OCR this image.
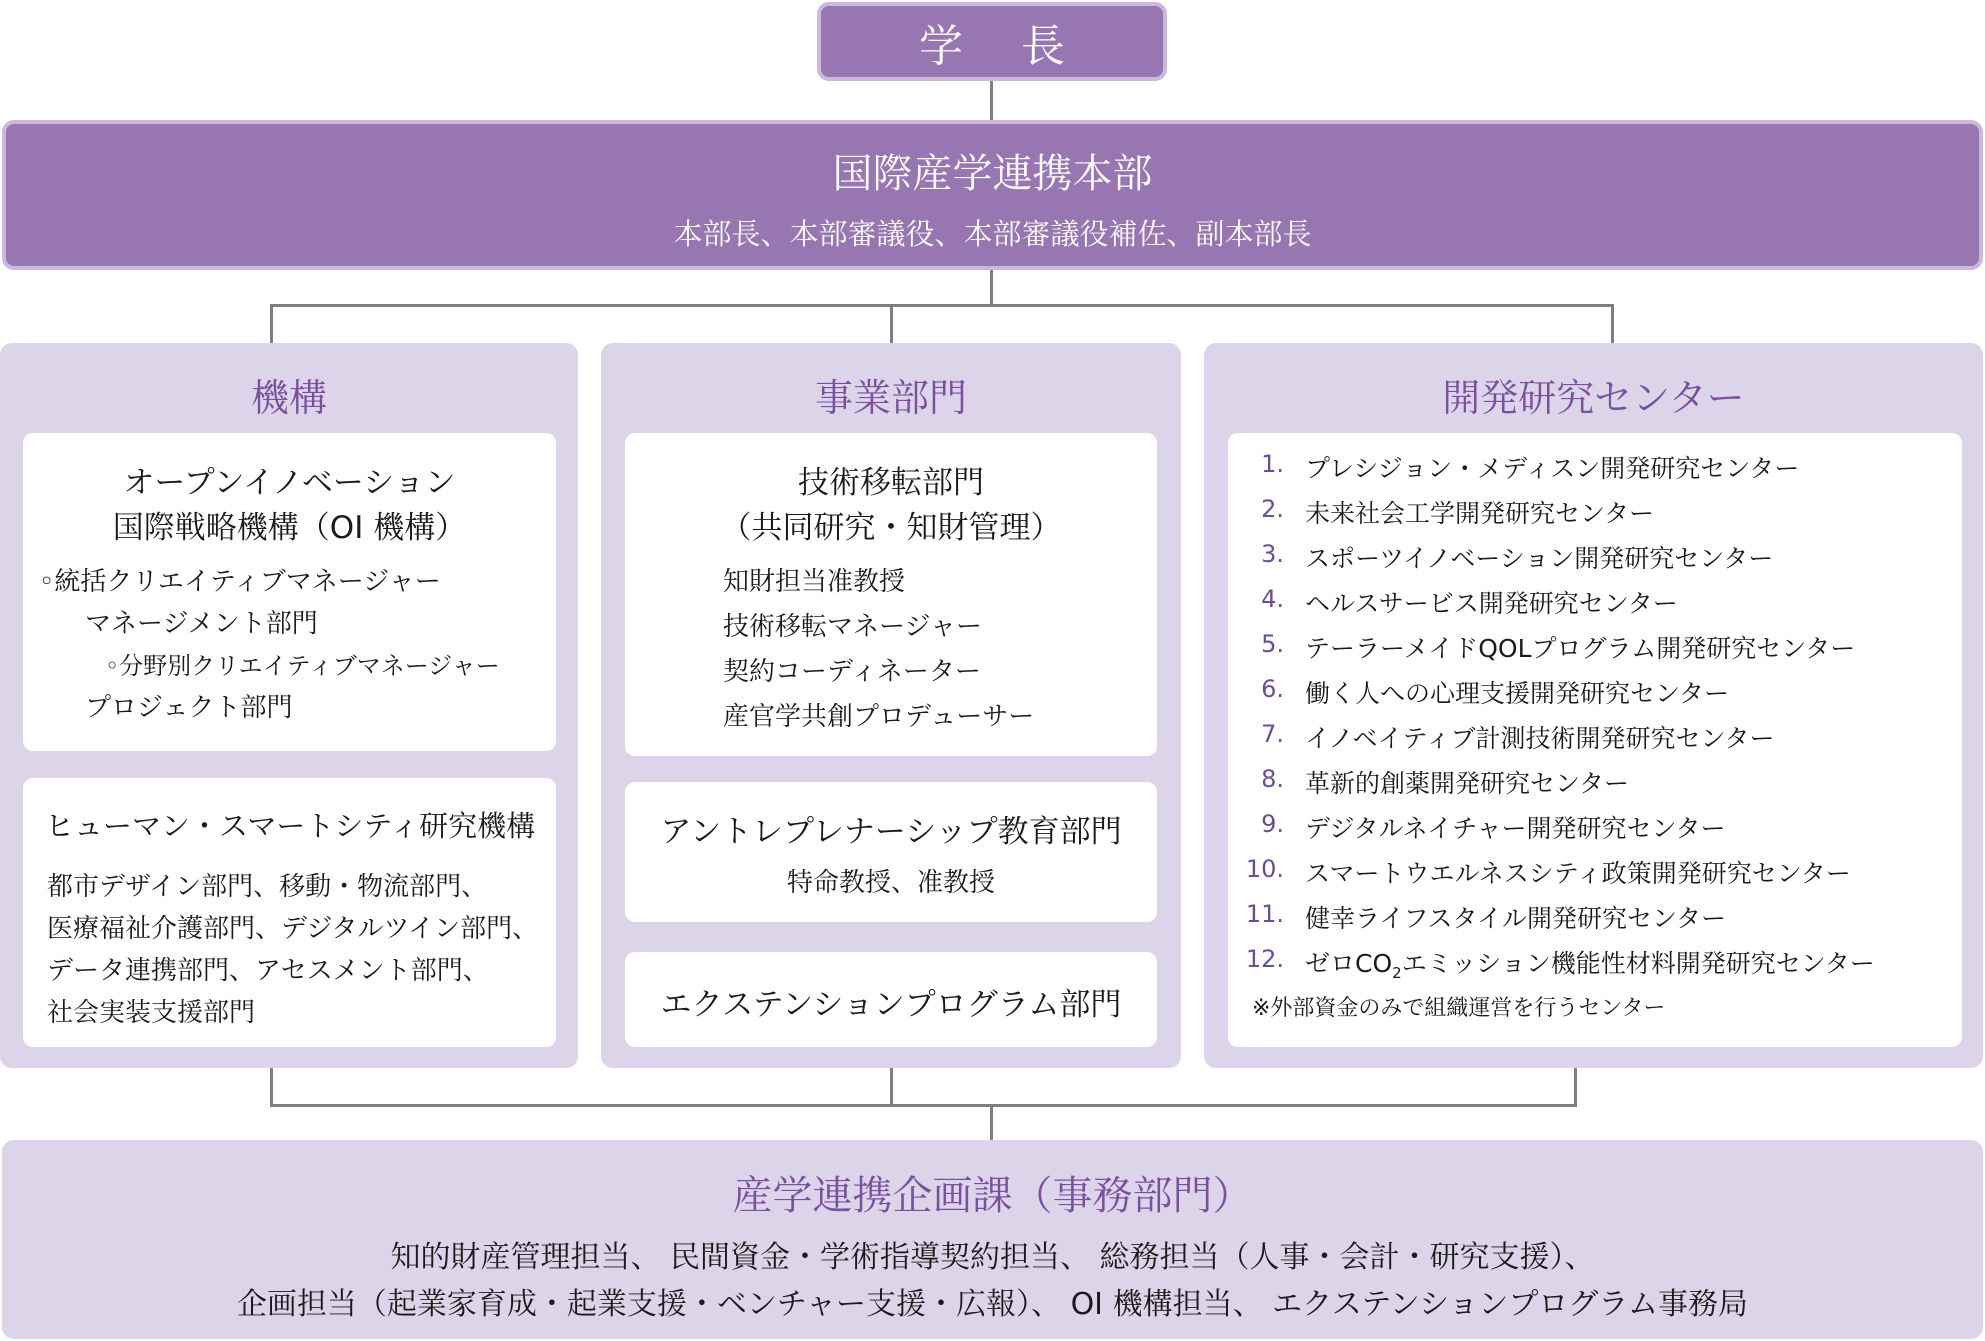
学 長
国際産学連携本部
本部長、本部審議役、本部審議役補佐、副本部長
機構
オープンイノベーション
国際戦略機構（OI 機構）
◦統括クリエイティブマネージャー
マネージメント部門
◦分野別クリエイティブマネージャー
プロジェクト部門
ヒューマン・スマートシティ研究機構
都市デザイン部門、移動・物流部門、
医療福祉介護部門、デジタルツイン部門、
データ連携部門、アセスメント部門、
社会実装支援部門
事業部門
技術移転部門
（共同研究・知財管理）
知財担当准教授
技術移転マネージャー
契約コーディネーター
産官学共創プロデューサー
アントレプレナーシップ教育部門
特命教授、准教授
エクステンションプログラム部門
開発研究センター
1. プレシジョン・メディスン開発研究センター
2. 未来社会工学開発研究センター
3. スポーツイノベーション開発研究センター
4. ヘルスサービス開発研究センター
5. テーラーメイドQOLプログラム開発研究センター
6. 働く人への心理支援開発研究センター
7. イノベイティブ計測技術開発研究センター
8. 革新的創薬開発研究センター
9. デジタルネイチャー開発研究センター
10. スマートウエルネスシティ政策開発研究センター
11. 健幸ライフスタイル開発研究センター
12. ゼロ$CO_2$エミッション機能性材料開発研究センター
※外部資金のみで組織運営を行うセンター
産学連携企画課（事務部門）
知的財産管理担当、 民間資金・学術指導契約担当、 総務担当（人事・会計・研究支援）、
企画担当（起業家育成・起業支援・ベンチャー支援・広報）、 OI 機構担当、 エクステンションプログラム事務局
